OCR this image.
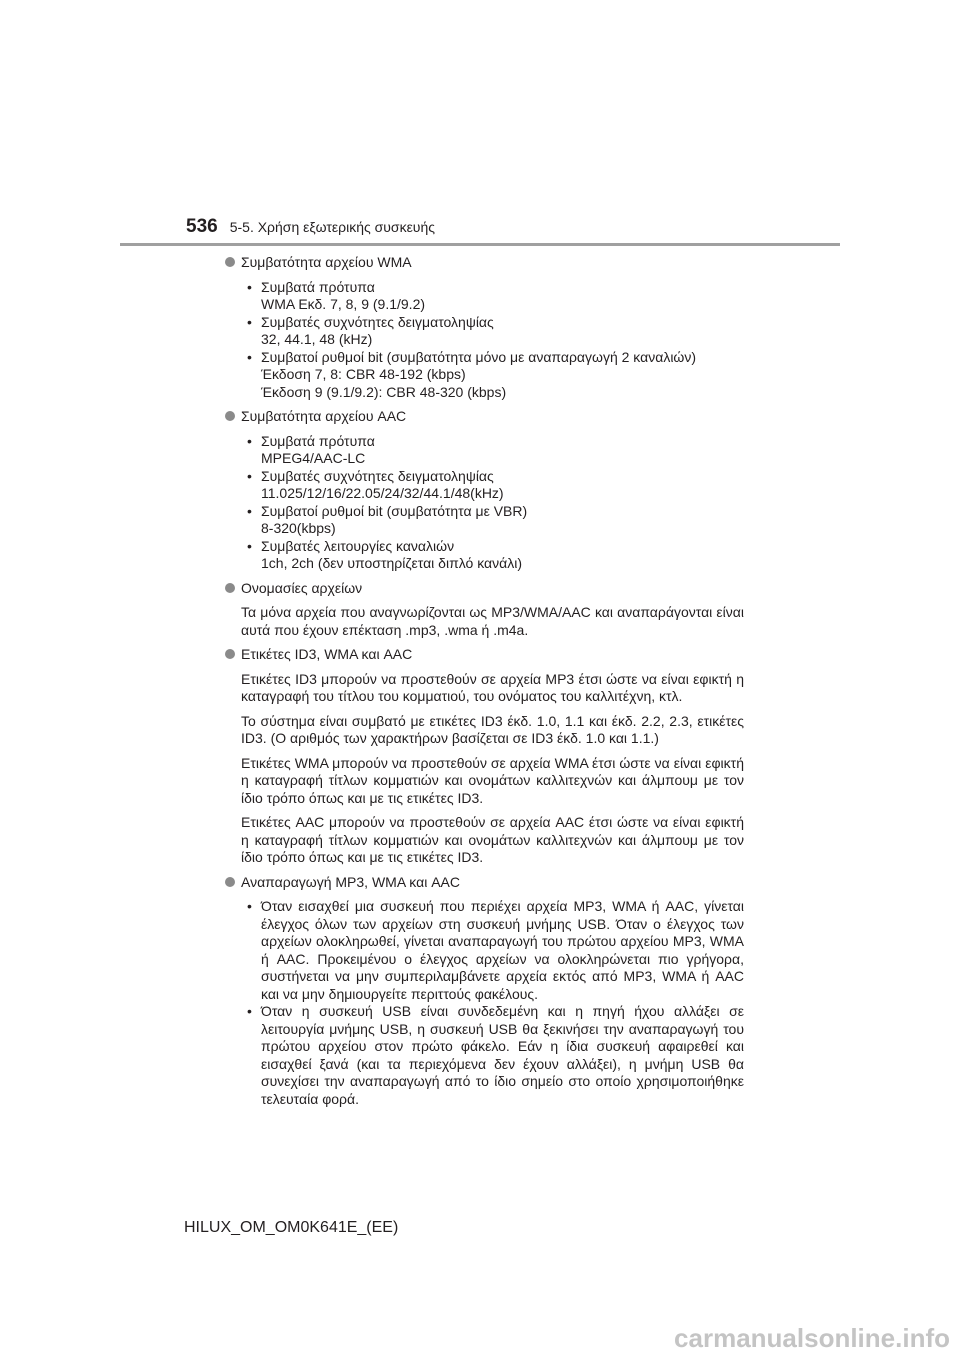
536 5-5. Χρήση εξωτερικής συσκευής
Συμβατότητα αρχείου WMA
• Συμβατά πρότυπα
WMA Εκδ. 7, 8, 9 (9.1/9.2)
• Συμβατές συχνότητες δειγματοληψίας
32, 44.1, 48 (kHz)
• Συμβατοί ρυθμοί bit (συμβατότητα μόνο με αναπαραγωγή 2 καναλιών)
Έκδοση 7, 8: CBR 48-192 (kbps)
Έκδοση 9 (9.1/9.2): CBR 48-320 (kbps)
Συμβατότητα αρχείου AAC
• Συμβατά πρότυπα
MPEG4/AAC-LC
• Συμβατές συχνότητες δειγματοληψίας
11.025/12/16/22.05/24/32/44.1/48(kHz)
• Συμβατοί ρυθμοί bit (συμβατότητα με VBR)
8-320(kbps)
• Συμβατές λειτουργίες καναλιών
1ch, 2ch (δεν υποστηρίζεται διπλό κανάλι)
Ονομασίες αρχείων
Τα μόνα αρχεία που αναγνωρίζονται ως MP3/WMA/AAC και αναπαράγονται είναι αυτά που έχουν επέκταση .mp3, .wma ή .m4a.
Ετικέτες ID3, WMA και AAC
Ετικέτες ID3 μπορούν να προστεθούν σε αρχεία MP3 έτσι ώστε να είναι εφικτή η καταγραφή του τίτλου του κομματιού, του ονόματος του καλλιτέχνη, κτλ.
Το σύστημα είναι συμβατό με ετικέτες ID3 έκδ. 1.0, 1.1 και έκδ. 2.2, 2.3, ετικέτες ID3. (Ο αριθμός των χαρακτήρων βασίζεται σε ID3 έκδ. 1.0 και 1.1.)
Ετικέτες WMA μπορούν να προστεθούν σε αρχεία WMA έτσι ώστε να είναι εφικτή η καταγραφή τίτλων κομματιών και ονομάτων καλλιτεχνών και άλμπουμ με τον ίδιο τρόπο όπως και με τις ετικέτες ID3.
Ετικέτες AAC μπορούν να προστεθούν σε αρχεία AAC έτσι ώστε να είναι εφικτή η καταγραφή τίτλων κομματιών και ονομάτων καλλιτεχνών και άλμπουμ με τον ίδιο τρόπο όπως και με τις ετικέτες ID3.
Αναπαραγωγή MP3, WMA και AAC
• Όταν εισαχθεί μια συσκευή που περιέχει αρχεία MP3, WMA ή AAC, γίνεται έλεγχος όλων των αρχείων στη συσκευή μνήμης USB. Όταν ο έλεγχος των αρχείων ολοκληρωθεί, γίνεται αναπαραγωγή του πρώτου αρχείου MP3, WMA ή AAC. Προκειμένου ο έλεγχος αρχείων να ολοκληρώνεται πιο γρήγορα, συστήνεται να μην συμπεριλαμβάνετε αρχεία εκτός από MP3, WMA ή AAC και να μην δημιουργείτε περιττούς φακέλους.
• Όταν η συσκευή USB είναι συνδεδεμένη και η πηγή ήχου αλλάξει σε λειτουργία μνήμης USB, η συσκευή USB θα ξεκινήσει την αναπαραγωγή του πρώτου αρχείου στον πρώτο φάκελο. Εάν η ίδια συσκευή αφαιρεθεί και εισαχθεί ξανά (και τα περιεχόμενα δεν έχουν αλλάξει), η μνήμη USB θα συνεχίσει την αναπαραγωγή από το ίδιο σημείο στο οποίο χρησιμοποιήθηκε τελευταία φορά.
HILUX_OM_OM0K641E_(EE)
carmanualsonline.info
